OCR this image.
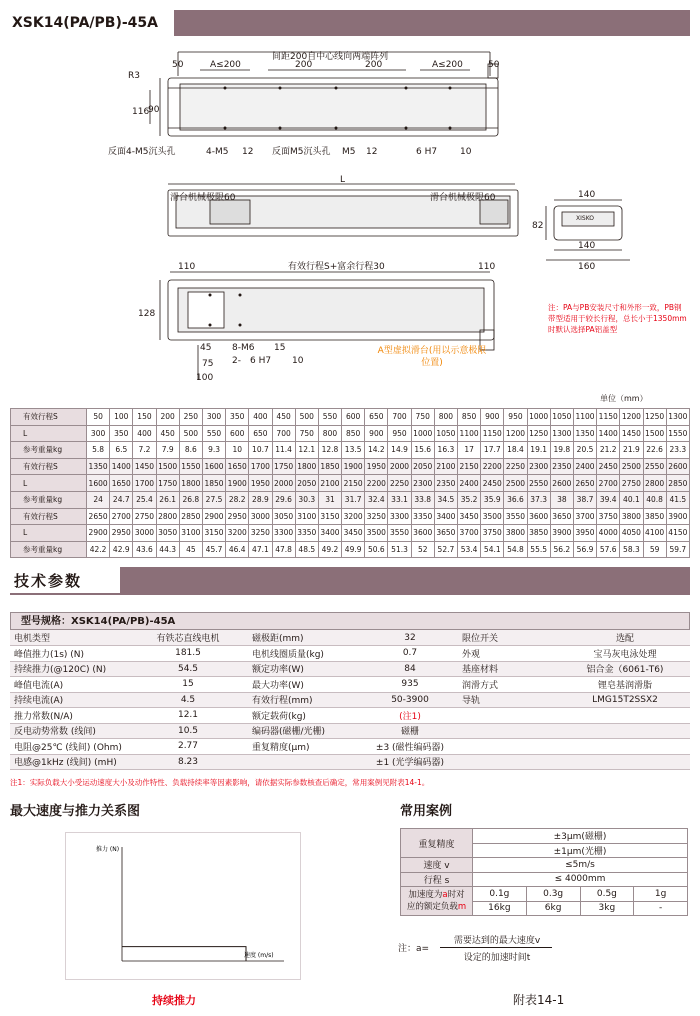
XSK14(PA/PB)-45A
间距200自中心线向两端阵列
50	A≤200	200	200	A≤200	50
R3
116
90
反面4-M5沉头孔	4-M5 12 反面M5沉头孔 M5 12	6 H7	10
L
滑台机械极限60	滑台机械极限60	140
82
XISKO
140
160
110	有效行程S+富余行程30	110
128
45 8-M6 15
2- 6 H7 10
75
100
注：PA与PB安装尺寸和外形一致，PB钢带型适用于较长行程，总长小于1350mm时默认选择PA铝盖型
A型虚拟滑台(用以示意极限位置)
单位（mm）
有效行程S	50	100	150	200	250	300	350	400	450	500	550	600	650	700	750	800	850	900	950	1000	1050	1100	1150	1200	1250	1300
L	300	350	400	450	500	550	600	650	700	750	800	850	900	950	1000	1050	1100	1150	1200	1250	1300	1350	1400	1450	1500	1550
参考重量kg	5.8	6.5	7.2	7.9	8.6	9.3	10	10.7	11.4	12.1	12.8	13.5	14.2	14.9	15.6	16.3	17	17.7	18.4	19.1	19.8	20.5	21.2	21.9	22.6	23.3
有效行程S	1350	1400	1450	1500	1550	1600	1650	1700	1750	1800	1850	1900	1950	2000	2050	2100	2150	2200	2250	2300	2350	2400	2450	2500	2550	2600
L	1600	1650	1700	1750	1800	1850	1900	1950	2000	2050	2100	2150	2200	2250	2300	2350	2400	2450	2500	2550	2600	2650	2700	2750	2800	2850
参考重量kg	24	24.7	25.4	26.1	26.8	27.5	28.2	28.9	29.6	30.3	31	31.7	32.4	33.1	33.8	34.5	35.2	35.9	36.6	37.3	38	38.7	39.4	40.1	40.8	41.5
有效行程S	2650	2700	2750	2800	2850	2900	2950	3000	3050	3100	3150	3200	3250	3300	3350	3400	3450	3500	3550	3600	3650	3700	3750	3800	3850	3900
L	2900	2950	3000	3050	3100	3150	3200	3250	3300	3350	3400	3450	3500	3550	3600	3650	3700	3750	3800	3850	3900	3950	4000	4050	4100	4150
参考重量kg	42.2	42.9	43.6	44.3	45	45.7	46.4	47.1	47.8	48.5	49.2	49.9	50.6	51.3	52	52.7	53.4	54.1	54.8	55.5	56.2	56.9	57.6	58.3	59	59.7
技术参数
型号规格：XSK14(PA/PB)-45A
电机类型	有铁芯直线电机	磁极距(mm)	32	限位开关	选配
峰值推力(1s) (N)	181.5	电机线圈质量(kg)	0.7	外观	宝马灰电泳处理
持续推力(@120C) (N)	54.5	额定功率(W)	84	基座材料	铝合金（6061-T6)
峰值电流(A)	15	最大功率(W)	935	润滑方式	锂皂基润滑脂
持续电流(A)	4.5	有效行程(mm)	50-3900	导轨	LMG15T2SSX2
推力常数(N/A)	12.1	额定载荷(kg)	(注1)		
反电动势常数 (线间)	10.5	编码器(磁栅/光栅)	磁栅		
电阻@25℃ (线间) (Ohm)	2.77	重复精度(μm)	±3 (磁性编码器)		
电感@1kHz (线间) (mH)	8.23		±1 (光学编码器)		
注1：实际负载大小受运动速度大小及动作特性、负载持续率等因素影响，请依据实际参数核查后确定，常用案例见附表14-1。
最大速度与推力关系图
推力 (N)
速度 (m/s)
持续推力
常用案例
重复精度	±3μm(磁栅)			
	±1μm(光栅)			
速度 v	≤5m/s			
行程 s	≤ 4000mm			
加速度为a时对
应的额定负载m	0.1g	0.3g	0.5g	1g
	16kg	6kg	3kg	-
注：a=
需要达到的最大速度v
设定的加速时间t
附表14-1
